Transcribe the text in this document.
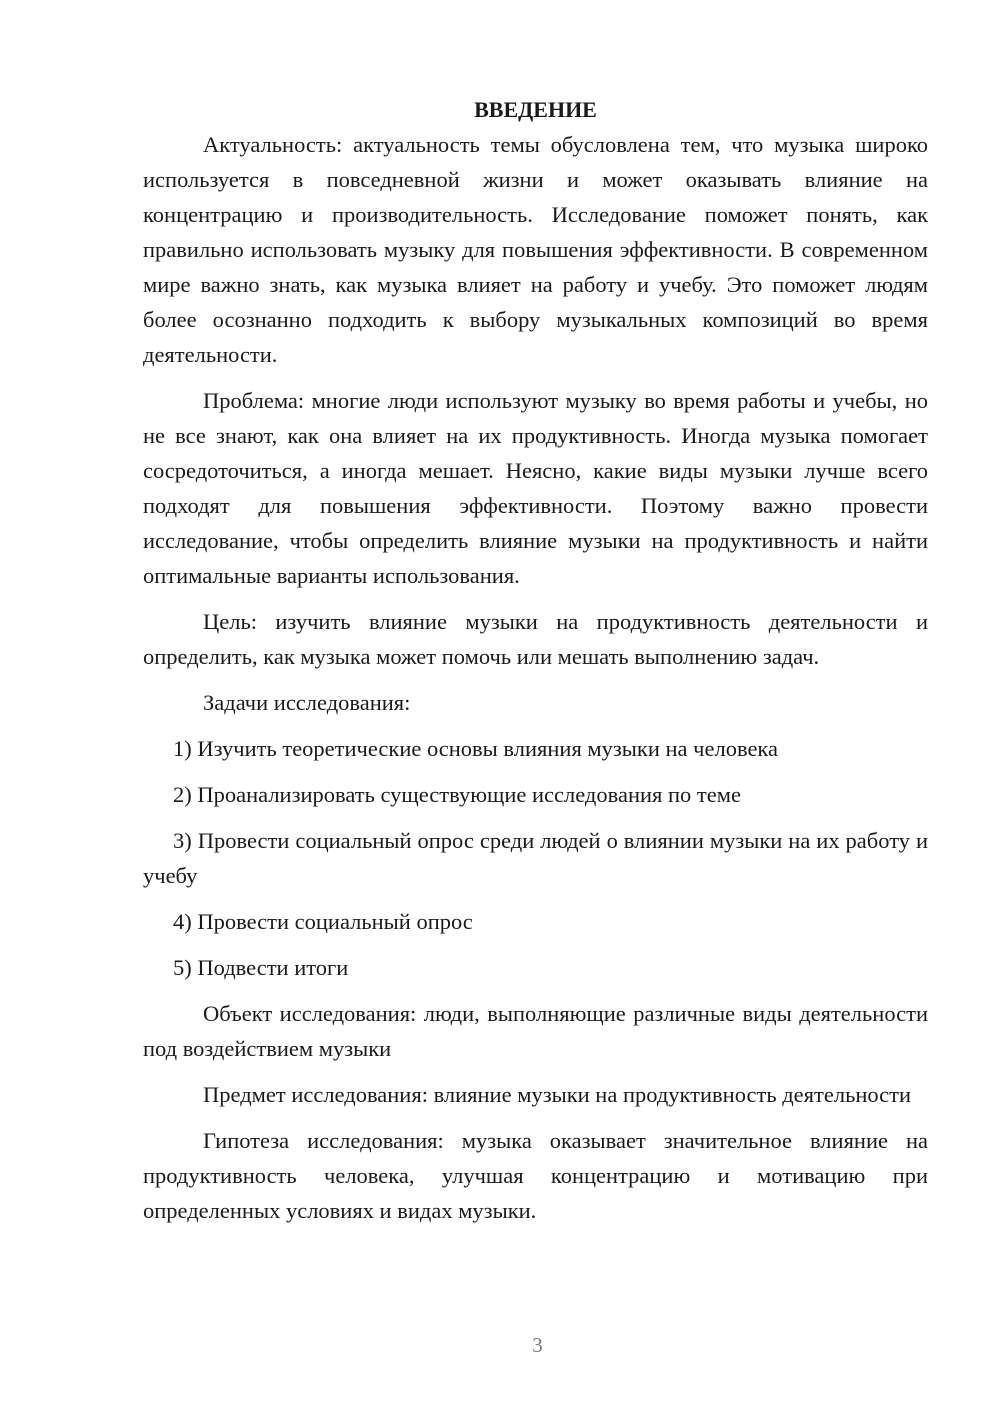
ВВЕДЕНИЕ

Актуальность: актуальность темы обусловлена тем, что музыка широко используется в повседневной жизни и может оказывать влияние на концентрацию и производительность. Исследование поможет понять, как правильно использовать музыку для повышения эффективности. В современном мире важно знать, как музыка влияет на работу и учебу. Это поможет людям более осознанно подходить к выбору музыкальных композиций во время деятельности.

Проблема: многие люди используют музыку во время работы и учебы, но не все знают, как она влияет на их продуктивность. Иногда музыка помогает сосредоточиться, а иногда мешает. Неясно, какие виды музыки лучше всего подходят для повышения эффективности. Поэтому важно провести исследование, чтобы определить влияние музыки на продуктивность и найти оптимальные варианты использования.

Цель: изучить влияние музыки на продуктивность деятельности и определить, как музыка может помочь или мешать выполнению задач.

Задачи исследования:

1) Изучить теоретические основы влияния музыки на человека

2) Проанализировать существующие исследования по теме

3) Провести социальный опрос среди людей о влиянии музыки на их работу и учебу

4) Провести социальный опрос

5) Подвести итоги

Объект исследования: люди, выполняющие различные виды деятельности под воздействием музыки

Предмет исследования: влияние музыки на продуктивность деятельности

Гипотеза исследования: музыка оказывает значительное влияние на продуктивность человека, улучшая концентрацию и мотивацию при определенных условиях и видах музыки.

3
